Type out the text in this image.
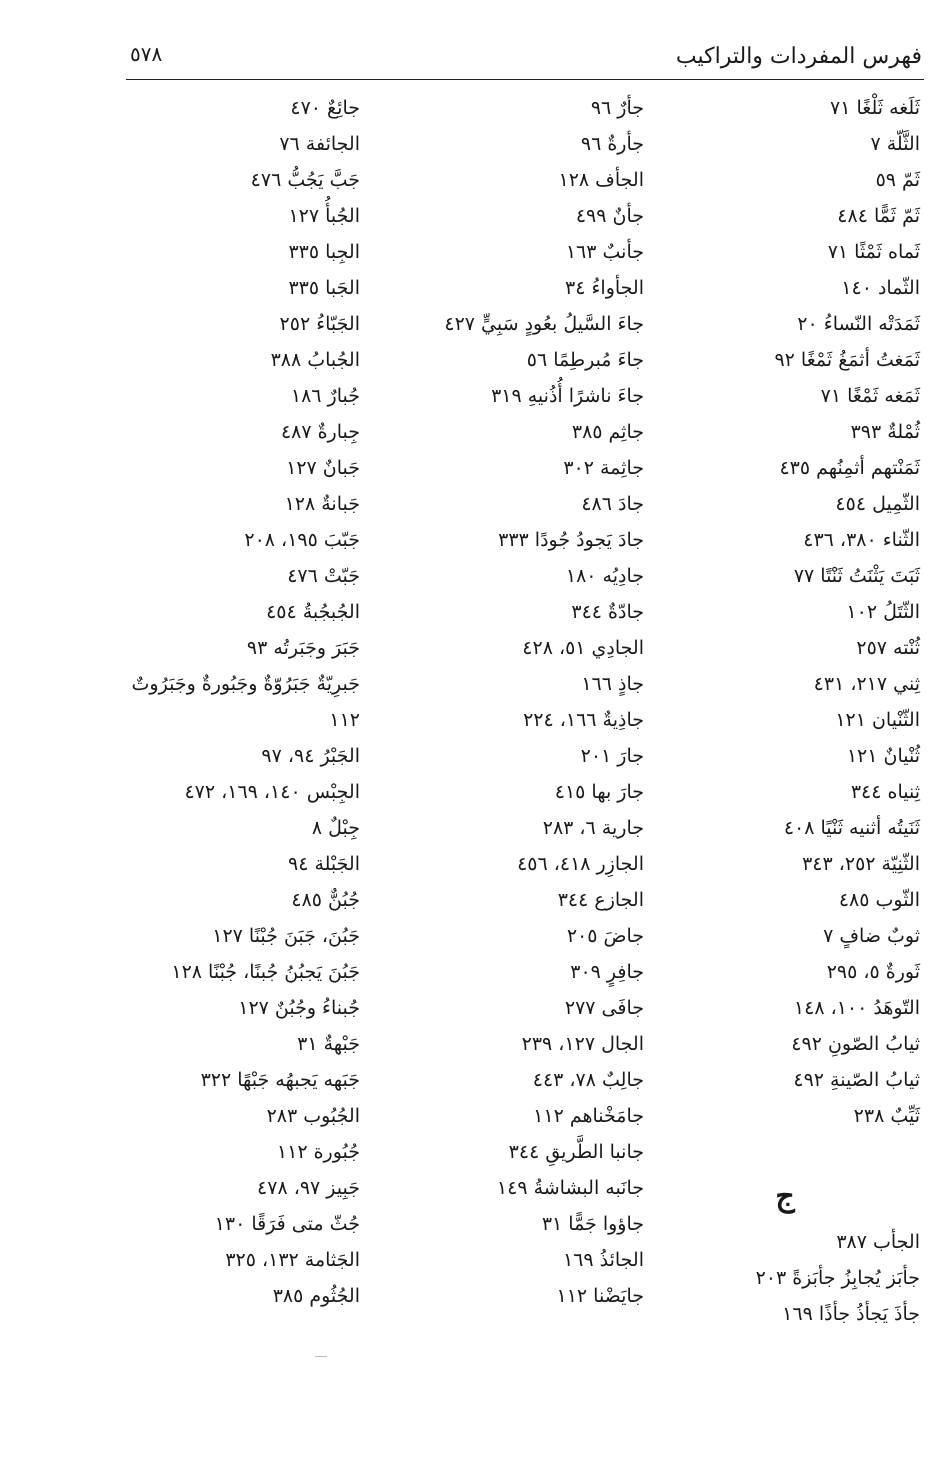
فهرس المفردات والتراكيب
٥٧٨
ثَلَغه ثَلْغًا ٧١
الثَّلّة ٧
ثَمّ ٥٩
ثَمّ ثَمًّا ٤٨٤
ثَماه ثَمْثًا ٧١
الثّماد ١٤٠
ثَمَدَتْه النّساءُ ٢٠
ثَمَغتُ أثمَغُ ثَمْغًا ٩٢
ثَمَغه ثَمْغًا ٧١
ثُمْلةٌ ٣٩٣
ثَمَنْتهم أثمِنُهم ٤٣٥
الثّمِيل ٤٥٤
الثّناء ٣٨٠، ٤٣٦
ثَبَتَ يَثْنَتُ ثَنْتًا ٧٧
الثّتَلُ ١٠٢
ثُنْته ٢٥٧
ثِني ٢١٧، ٤٣١
الثّنْيان ١٢١
ثُنْيانٌ ١٢١
ثِنياه ٣٤٤
ثَنَيتُه أثنيه ثَنْيًا ٤٠٨
الثّنِيّة ٢٥٢، ٣٤٣
الثّوب ٤٨٥
ثوبٌ ضافٍ ٧
ثَورةٌ ٥، ٢٩٥
التّوهَدُ ١٠٠، ١٤٨
ثيابُ الصّونِ ٤٩٢
ثيابُ الصّينةِ ٤٩٢
ثَيِّبٌ ٢٣٨
ج
الجأب ٣٨٧
جأبَز يُجابِزُ جأبَزةً ٢٠٣
جأذَ يَجأذُ جأذًا ١٦٩
جأرٌ ٩٦
جأرةٌ ٩٦
الجأف ١٢٨
جأنٌ ٤٩٩
جأنبٌ ١٦٣
الجأواءُ ٣٤
جاءَ السَّيلُ بعُودٍ سَبِيٍّ ٤٢٧
جاءَ مُبرطِمًا ٥٦
جاءَ ناشرًا أُذُنيهِ ٣١٩
جاثِم ٣٨٥
جاثِمة ٣٠٢
جادَ ٤٨٦
جادَ يَجودُ جُودًا ٣٣٣
جادِيُه ١٨٠
جادّةٌ ٣٤٤
الجادِي ٥١، ٤٢٨
جاذٍ ١٦٦
جاذِيةٌ ١٦٦، ٢٢٤
جارَ ٢٠١
جارَ بها ٤١٥
جارية ٦، ٢٨٣
الجازِر ٤١٨، ٤٥٦
الجازع ٣٤٤
جاضَ ٢٠٥
جافِرٍ ٣٠٩
جافَى ٢٧٧
الجال ١٢٧، ٢٣٩
جالِبٌ ٧٨، ٤٤٣
جامَخْناهم ١١٢
جانبا الطَّريقِ ٣٤٤
جانَبه البشاشةُ ١٤٩
جاؤوا جَمًّا ٣١
الجائذُ ١٦٩
جايَضْنا ١١٢
جائِعٌ ٤٧٠
الجائفة ٧٦
جَبَّ يَجُبُّ ٤٧٦
الجُبأُ ١٢٧
الجِبا ٣٣٥
الجَبا ٣٣٥
الجَبّاءُ ٢٥٢
الجُبابُ ٣٨٨
جُبارٌ ١٨٦
جِبارةٌ ٤٨٧
جَبانٌ ١٢٧
جَبانةٌ ١٢٨
جَبّبَ ١٩٥، ٢٠٨
جَبّتْ ٤٧٦
الجُبجُبةُ ٤٥٤
جَبَرَ وجَبَرتُه ٩٣
جَبرِيّةٌ جَبَرُوّةٌ وجَبُورةٌ وجَبَرُوتٌ
١١٢
الجَبْرُ ٩٤، ٩٧
الجِبْس ١٤٠، ١٦٩، ٤٧٢
جِبْلٌ ٨
الجَبْلة ٩٤
جُبُنٌّ ٤٨٥
جَبُنَ، جَبَنَ جُبْنًا ١٢٧
جَبُنَ يَجبُنُ جُبنًا، جُبْنًا ١٢٨
جُبناءُ وجُبُنٌ ١٢٧
جَبْهةٌ ٣١
جَبَهه يَجبهُه جَبْهًا ٣٢٢
الجُبُوب ٢٨٣
جُبُورة ١١٢
جَبِيز ٩٧، ٤٧٨
جُثّ متى فَرَقًا ١٣٠
الجَثامة ١٣٢، ٣٢٥
الجُثُوم ٣٨٥
